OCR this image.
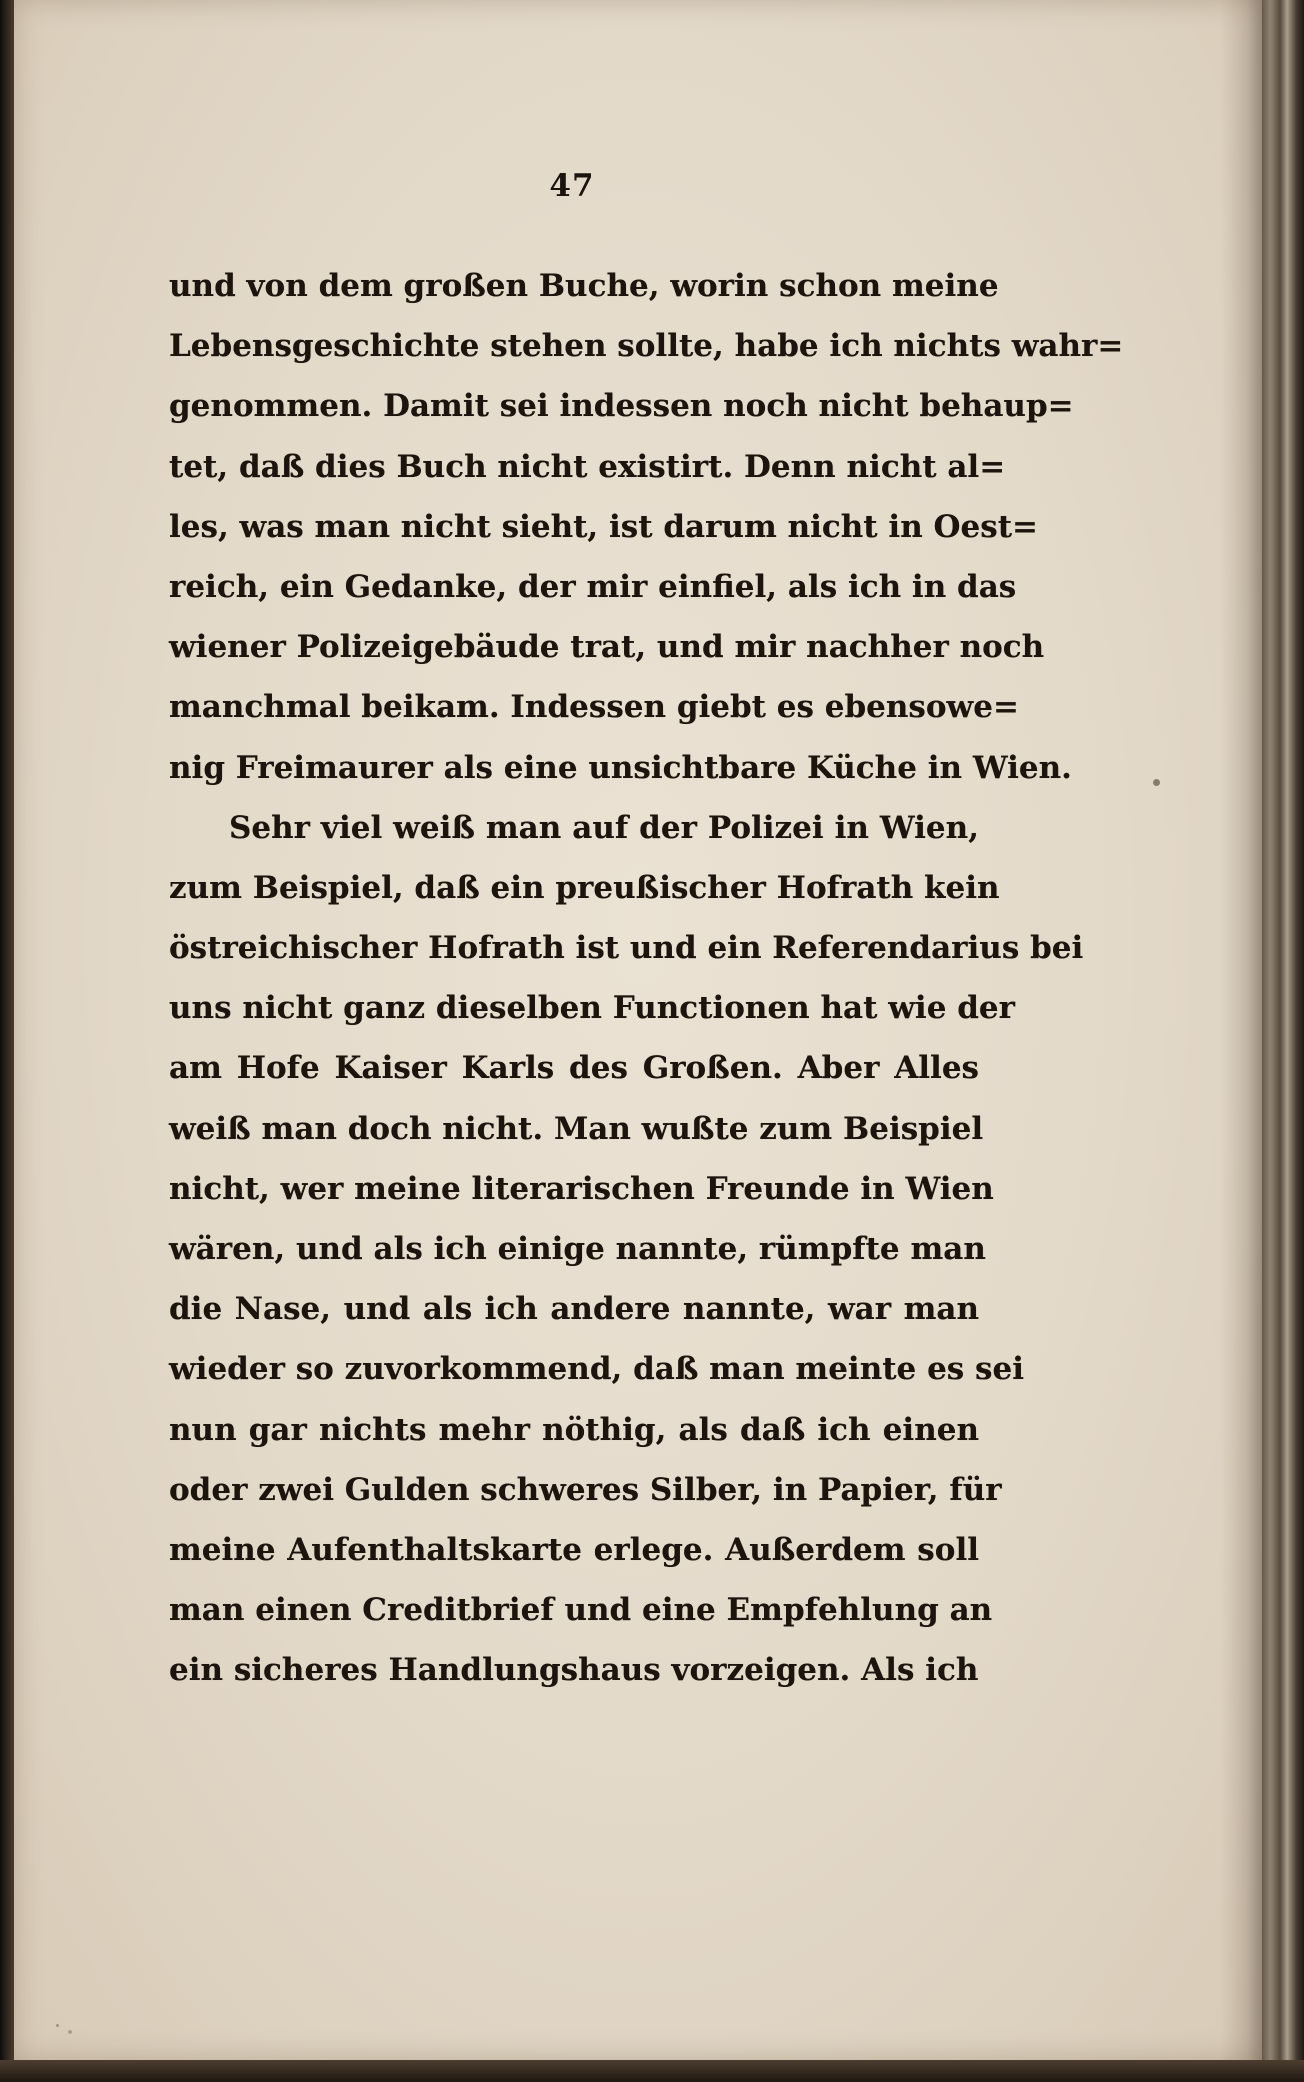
47
und von dem großen Buche, worin schon meine
Lebensgeschichte stehen sollte, habe ich nichts wahr=
genommen. Damit sei indessen noch nicht behaup=
tet, daß dies Buch nicht existirt. Denn nicht al=
les, was man nicht sieht, ist darum nicht in Oest=
reich, ein Gedanke, der mir einfiel, als ich in das
wiener Polizeigebäude trat, und mir nachher noch
manchmal beikam. Indessen giebt es ebensowe=
nig Freimaurer als eine unsichtbare Küche in Wien.
Sehr viel weiß man auf der Polizei in Wien,
zum Beispiel, daß ein preußischer Hofrath kein
östreichischer Hofrath ist und ein Referendarius bei
uns nicht ganz dieselben Functionen hat wie der
am Hofe Kaiser Karls des Großen. Aber Alles
weiß man doch nicht. Man wußte zum Beispiel
nicht, wer meine literarischen Freunde in Wien
wären, und als ich einige nannte, rümpfte man
die Nase, und als ich andere nannte, war man
wieder so zuvorkommend, daß man meinte es sei
nun gar nichts mehr nöthig, als daß ich einen
oder zwei Gulden schweres Silber, in Papier, für
meine Aufenthaltskarte erlege. Außerdem soll
man einen Creditbrief und eine Empfehlung an
ein sicheres Handlungshaus vorzeigen. Als ich
